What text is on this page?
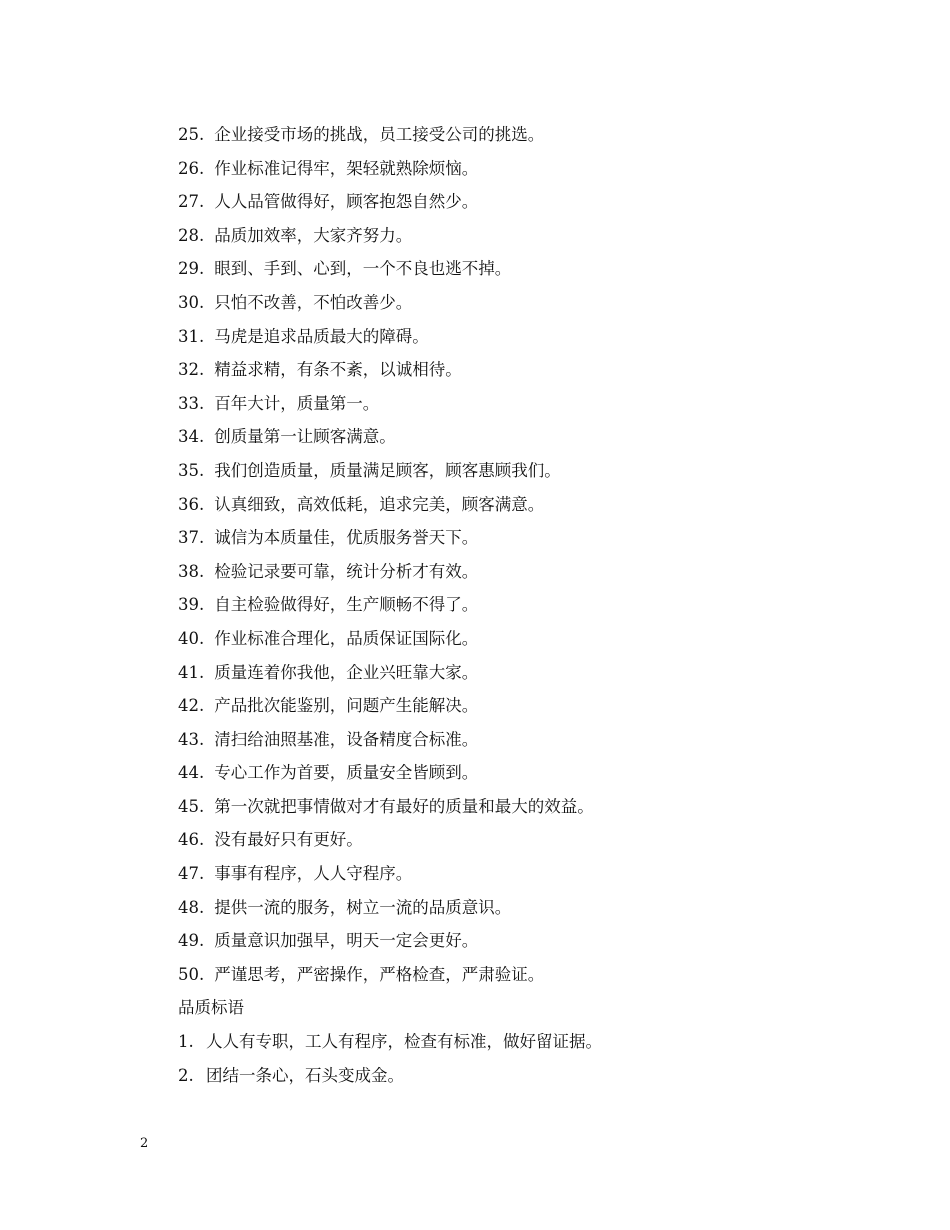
25. 企业接受市场的挑战，员工接受公司的挑选。
26. 作业标准记得牢，架轻就熟除烦恼。
27. 人人品管做得好，顾客抱怨自然少。
28. 品质加效率，大家齐努力。
29. 眼到、手到、心到，一个不良也逃不掉。
30. 只怕不改善，不怕改善少。
31. 马虎是追求品质最大的障碍。
32. 精益求精，有条不紊，以诚相待。
33. 百年大计，质量第一。
34. 创质量第一让顾客满意。
35. 我们创造质量，质量满足顾客，顾客惠顾我们。
36. 认真细致，高效低耗，追求完美，顾客满意。
37. 诚信为本质量佳，优质服务誉天下。
38. 检验记录要可靠，统计分析才有效。
39. 自主检验做得好，生产顺畅不得了。
40. 作业标准合理化，品质保证国际化。
41. 质量连着你我他，企业兴旺靠大家。
42. 产品批次能鉴别，问题产生能解决。
43. 清扫给油照基准，设备精度合标准。
44. 专心工作为首要，质量安全皆顾到。
45. 第一次就把事情做对才有最好的质量和最大的效益。
46. 没有最好只有更好。
47. 事事有程序，人人守程序。
48. 提供一流的服务，树立一流的品质意识。
49. 质量意识加强早，明天一定会更好。
50. 严谨思考，严密操作，严格检查，严肃验证。
品质标语
1. 人人有专职，工人有程序，检查有标准，做好留证据。
2. 团结一条心，石头变成金。
2
